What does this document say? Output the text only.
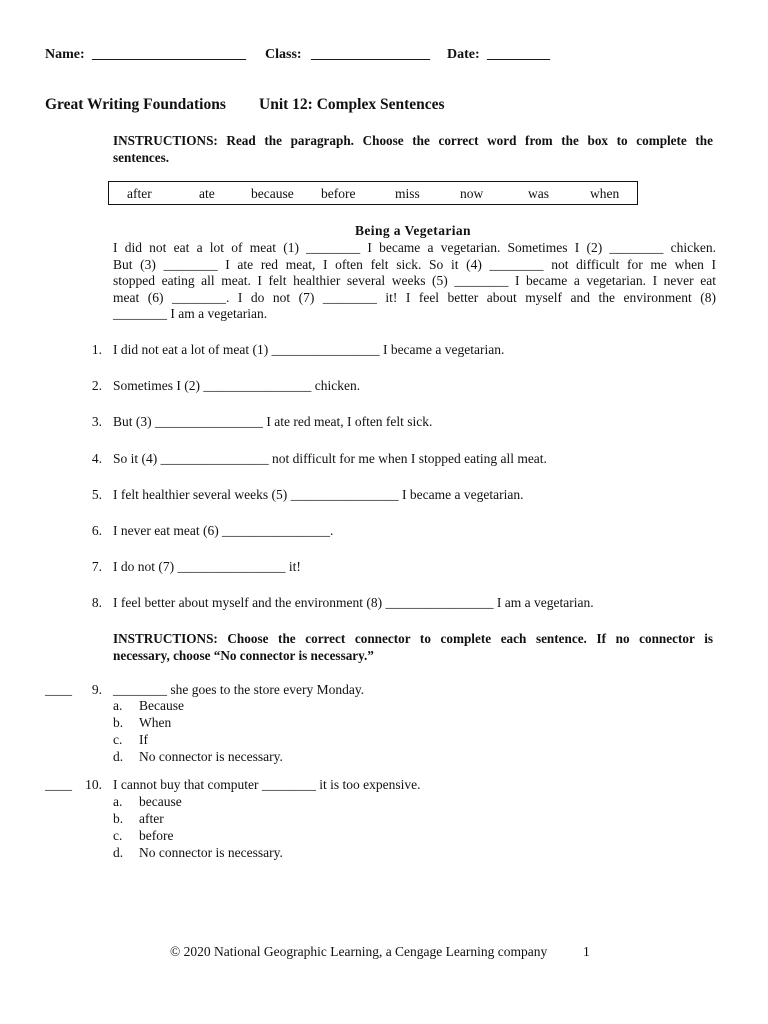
Name: ______________________ Class: _________________ Date: _________
Great Writing Foundations Unit 12: Complex Sentences
INSTRUCTIONS: Read the paragraph. Choose the correct word from the box to complete the
sentences.
after	ate	because before	miss	now	was	when
Being a Vegetarian
I did not eat a lot of meat (1) ________ I became a vegetarian. Sometimes I (2) ________ chicken.
But (3) ________ I ate red meat, I often felt sick. So it (4) ________ not difficult for me when I
stopped eating all meat. I felt healthier several weeks (5) ________ I became a vegetarian. I never eat
meat (6) ________. I do not (7) ________ it! I feel better about myself and the environment (8)
________ I am a vegetarian.
1. I did not eat a lot of meat (1) ________________ I became a vegetarian.
2. Sometimes I (2) ________________ chicken.
3. But (3) ________________ I ate red meat, I often felt sick.
4. So it (4) ________________ not difficult for me when I stopped eating all meat.
5. I felt healthier several weeks (5) ________________ I became a vegetarian.
6. I never eat meat (6) ________________.
7. I do not (7) ________________ it!
8. I feel better about myself and the environment (8) ________________ I am a vegetarian.
INSTRUCTIONS: Choose the correct connector to complete each sentence. If no connector is
necessary, choose “No connector is necessary.”
____	9. ________ she goes to the store every Monday.
a. Because
b. When
c. If
d. No connector is necessary.
____ 10. I cannot buy that computer ________ it is too expensive.
a. because
b. after
c. before
d. No connector is necessary.
© 2020 National Geographic Learning, a Cengage Learning company	1
